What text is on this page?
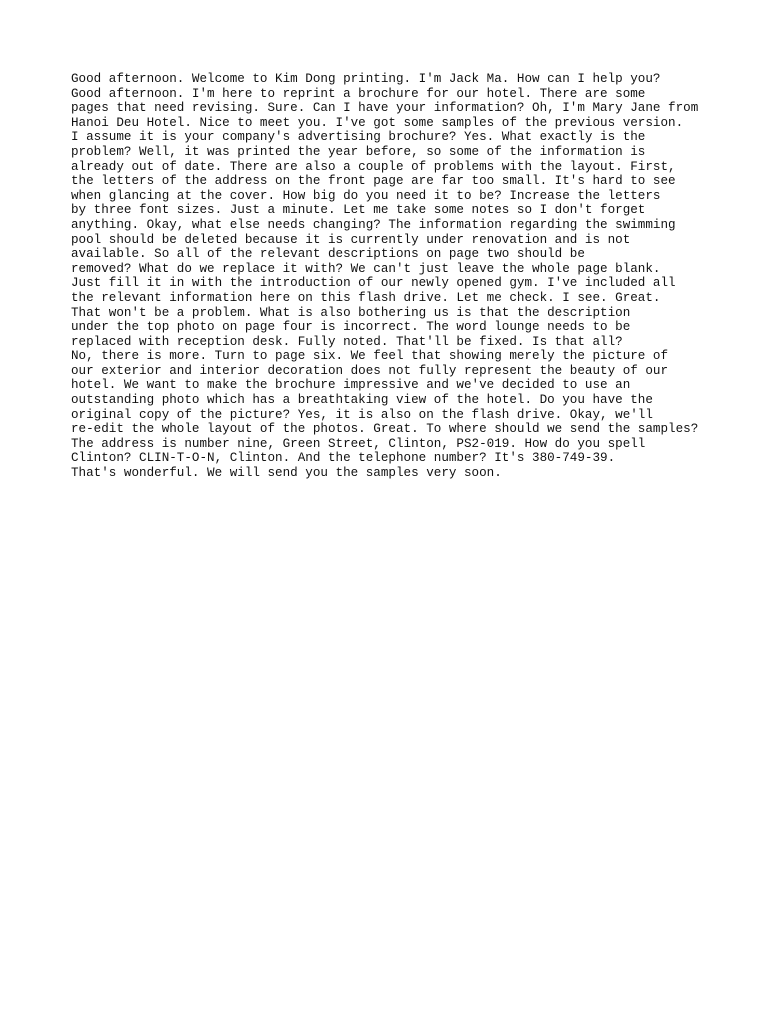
Good afternoon. Welcome to Kim Dong printing. I'm Jack Ma. How can I help you?
Good afternoon. I'm here to reprint a brochure for our hotel. There are some
pages that need revising. Sure. Can I have your information? Oh, I'm Mary Jane from
Hanoi Deu Hotel. Nice to meet you. I've got some samples of the previous version.
I assume it is your company's advertising brochure? Yes. What exactly is the
problem? Well, it was printed the year before, so some of the information is
already out of date. There are also a couple of problems with the layout. First,
the letters of the address on the front page are far too small. It's hard to see
when glancing at the cover. How big do you need it to be? Increase the letters
by three font sizes. Just a minute. Let me take some notes so I don't forget
anything. Okay, what else needs changing? The information regarding the swimming
pool should be deleted because it is currently under renovation and is not
available. So all of the relevant descriptions on page two should be
removed? What do we replace it with? We can't just leave the whole page blank.
Just fill it in with the introduction of our newly opened gym. I've included all
the relevant information here on this flash drive. Let me check. I see. Great.
That won't be a problem. What is also bothering us is that the description
under the top photo on page four is incorrect. The word lounge needs to be
replaced with reception desk. Fully noted. That'll be fixed. Is that all?
No, there is more. Turn to page six. We feel that showing merely the picture of
our exterior and interior decoration does not fully represent the beauty of our
hotel. We want to make the brochure impressive and we've decided to use an
outstanding photo which has a breathtaking view of the hotel. Do you have the
original copy of the picture? Yes, it is also on the flash drive. Okay, we'll
re-edit the whole layout of the photos. Great. To where should we send the samples?
The address is number nine, Green Street, Clinton, PS2-019. How do you spell
Clinton? CLIN-T-O-N, Clinton. And the telephone number? It's 380-749-39.
That's wonderful. We will send you the samples very soon.
